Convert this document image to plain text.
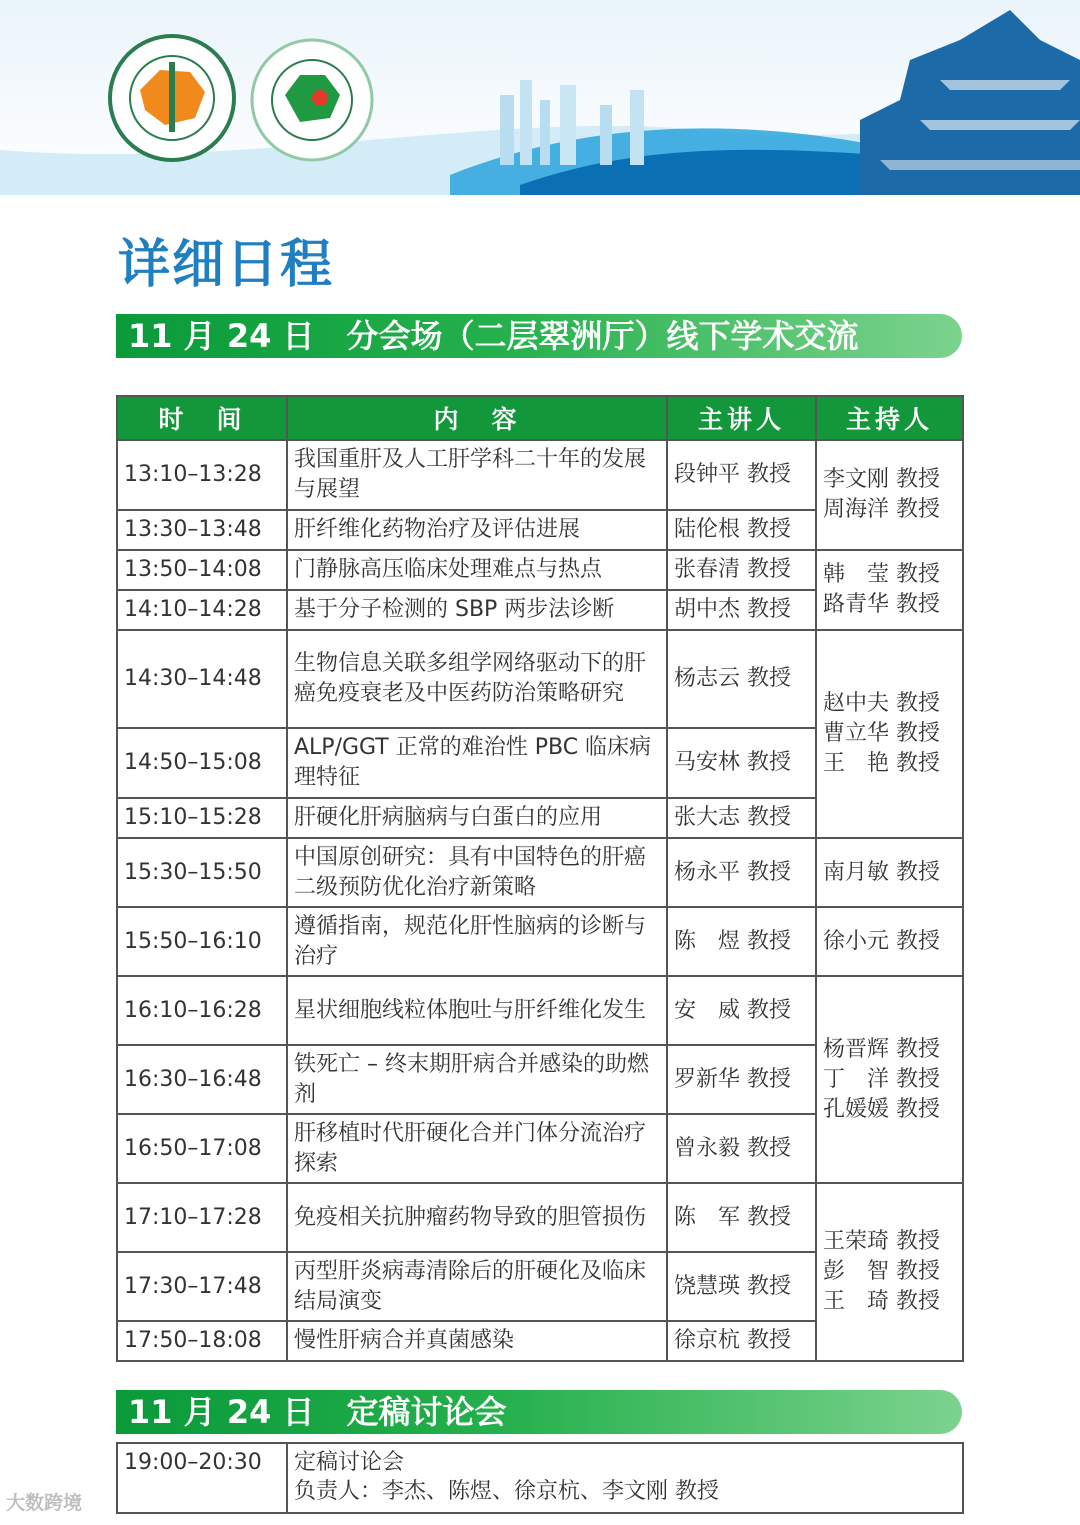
详细日程
11 月 24 日　分会场（二层翠洲厅）线下学术交流
时　间	内　容	主讲人	主持人
13:10–13:28	我国重肝及人工肝学科二十年的发展与展望	段钟平 教授	李文刚 教授
周海洋 教授
13:30–13:48	肝纤维化药物治疗及评估进展	陆伦根 教授	
13:50–14:08	门静脉高压临床处理难点与热点	张春清 教授	韩　莹 教授
路青华 教授
14:10–14:28	基于分子检测的 SBP 两步法诊断	胡中杰 教授	
14:30–14:48	生物信息关联多组学网络驱动下的肝癌免疫衰老及中医药防治策略研究	杨志云 教授	赵中夫 教授
曹立华 教授
王　艳 教授
14:50–15:08	ALP/GGT 正常的难治性 PBC 临床病理特征	马安林 教授	
15:10–15:28	肝硬化肝病脑病与白蛋白的应用	张大志 教授	
15:30–15:50	中国原创研究：具有中国特色的肝癌二级预防优化治疗新策略	杨永平 教授	南月敏 教授
15:50–16:10	遵循指南，规范化肝性脑病的诊断与治疗	陈　煜 教授	徐小元 教授
16:10–16:28	星状细胞线粒体胞吐与肝纤维化发生	安　威 教授	杨晋辉 教授
丁　洋 教授
孔媛媛 教授
16:30–16:48	铁死亡 – 终末期肝病合并感染的助燃剂	罗新华 教授	
16:50–17:08	肝移植时代肝硬化合并门体分流治疗探索	曾永毅 教授	
17:10–17:28	免疫相关抗肿瘤药物导致的胆管损伤	陈　军 教授	王荣琦 教授
彭　智 教授
王　琦 教授
17:30–17:48	丙型肝炎病毒清除后的肝硬化及临床结局演变	饶慧瑛 教授	
17:50–18:08	慢性肝病合并真菌感染	徐京杭 教授	
11 月 24 日　定稿讨论会
19:00–20:30	定稿讨论会
负责人：李杰、陈煜、徐京杭、李文刚 教授
大数跨境
